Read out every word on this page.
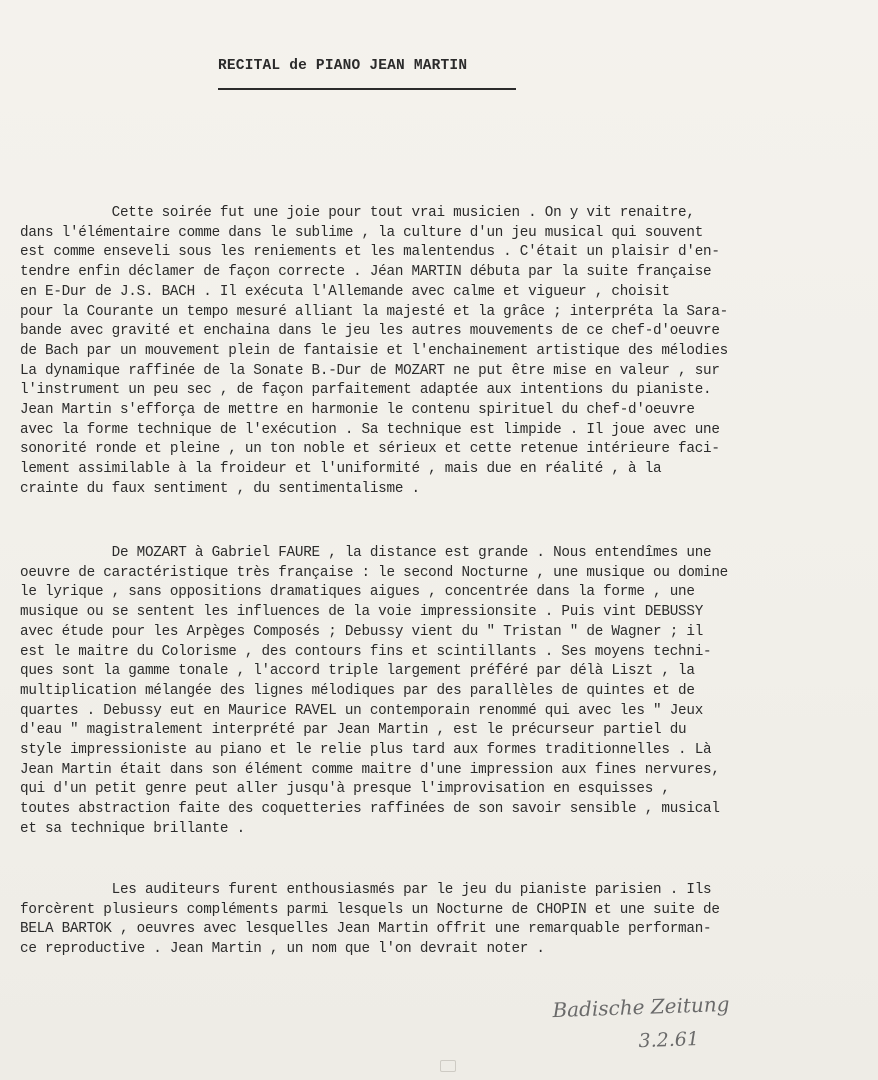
RECITAL de PIANO JEAN MARTIN
Cette soirée fut une joie pour tout vrai musicien . On y vit renaitre,
dans l'élémentaire comme dans le sublime , la culture d'un jeu musical qui souvent
est comme enseveli sous les reniements et les malentendus . C'était un plaisir d'en-
tendre enfin déclamer de façon correcte . Jéan MARTIN débuta par la suite française
en E-Dur de J.S. BACH . Il exécuta l'Allemande avec calme et vigueur , choisit
pour la Courante un tempo mesuré alliant la majesté et la grâce ; interpréta la Sara-
bande avec gravité et enchaina dans le jeu les autres mouvements de ce chef-d'oeuvre
de Bach par un mouvement plein de fantaisie et l'enchainement artistique des mélodies
La dynamique raffinée de la Sonate B.-Dur de MOZART ne put être mise en valeur , sur
l'instrument un peu sec , de façon parfaitement adaptée aux intentions du pianiste.
Jean Martin s'efforça de mettre en harmonie le contenu spirituel du chef-d'oeuvre
avec la forme technique de l'exécution . Sa technique est limpide . Il joue avec une
sonorité ronde et pleine , un ton noble et sérieux et cette retenue intérieure faci-
lement assimilable à la froideur et l'uniformité , mais due en réalité , à la
crainte du faux sentiment , du sentimentalisme .
De MOZART à Gabriel FAURE , la distance est grande . Nous entendîmes une
oeuvre de caractéristique très française : le second Nocturne , une musique ou domine
le lyrique , sans oppositions dramatiques aigues , concentrée dans la forme , une
musique ou se sentent les influences de la voie impressionsite . Puis vint DEBUSSY
avec étude pour les Arpèges Composés ; Debussy vient du " Tristan " de Wagner ; il
est le maitre du Colorisme , des contours fins et scintillants . Ses moyens techni-
ques sont la gamme tonale , l'accord triple largement préféré par délà Liszt , la
multiplication mélangée des lignes mélodiques par des parallèles de quintes et de
quartes . Debussy eut en Maurice RAVEL un contemporain renommé qui avec les " Jeux
d'eau " magistralement interprété par Jean Martin , est le précurseur partiel du
style impressioniste au piano et le relie plus tard aux formes traditionnelles . Là
Jean Martin était dans son élément comme maitre d'une impression aux fines nervures,
qui d'un petit genre peut aller jusqu'à presque l'improvisation en esquisses ,
toutes abstraction faite des coquetteries raffinées de son savoir sensible , musical
et sa technique brillante .
Les auditeurs furent enthousiasmés par le jeu du pianiste parisien . Ils
forcèrent plusieurs compléments parmi lesquels un Nocturne de CHOPIN et une suite de
BELA BARTOK , oeuvres avec lesquelles Jean Martin offrit une remarquable performan-
ce reproductive . Jean Martin , un nom que l'on devrait noter .
Badische Zeitung
3.2.61
